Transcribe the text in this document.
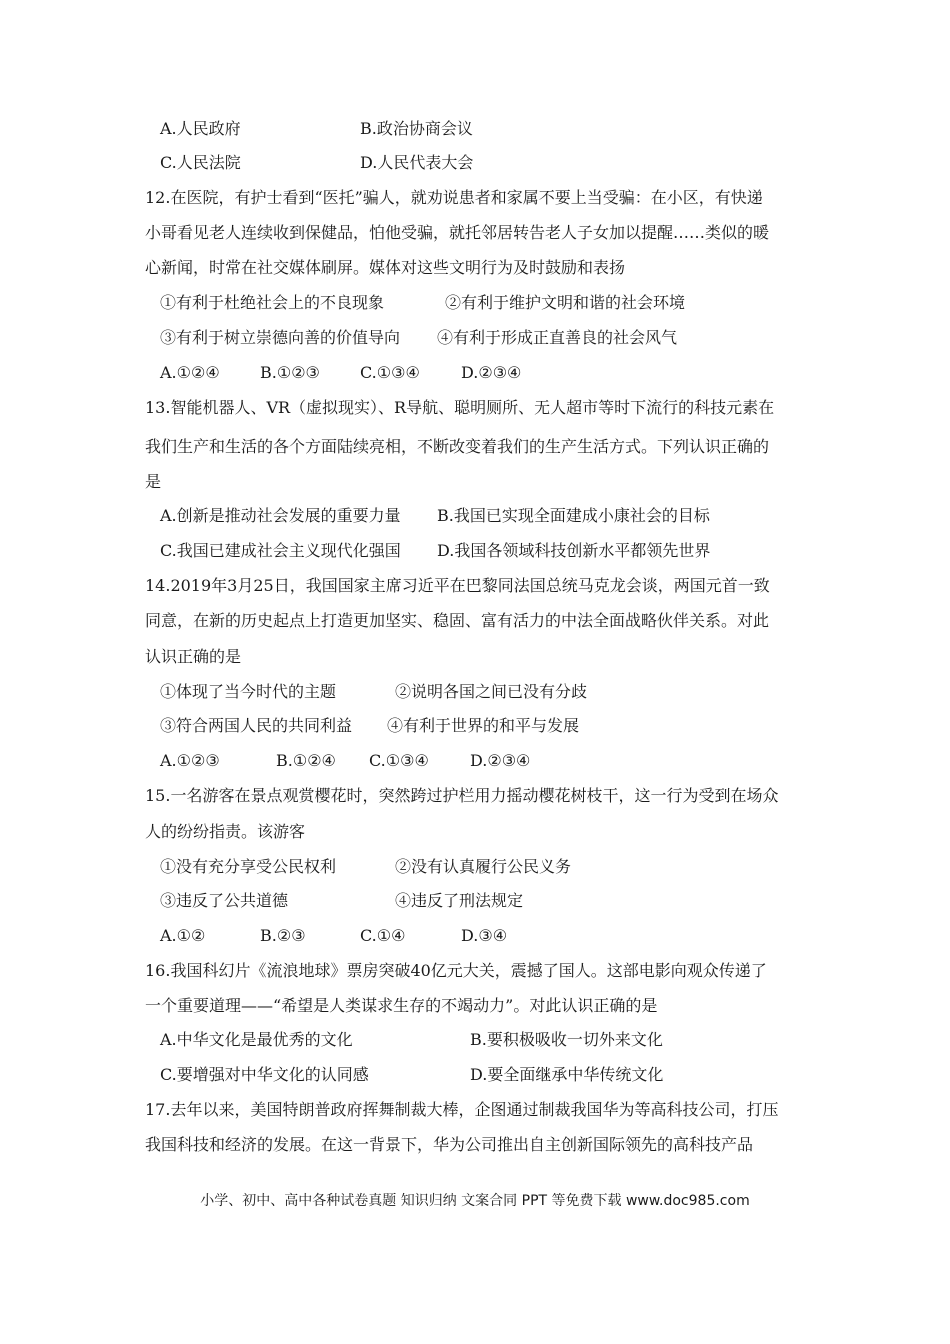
A.人民政府	B.政治协商会议
C.人民法院	D.人民代表大会
12.在医院，有护士看到“医托”骗人，就劝说患者和家属不要上当受骗：在小区，有快递
小哥看见老人连续收到保健品，怕他受骗，就托邻居转告老人子女加以提醒……类似的暖
心新闻，时常在社交媒体刷屏。媒体对这些文明行为及时鼓励和表扬
①有利于杜绝社会上的不良现象	②有利于维护文明和谐的社会环境
③有利于树立崇德向善的价值导向 ④有利于形成正直善良的社会风气
A.①②④	B.①②③	C.①③④	D.②③④
13.智能机器人、VR（虚拟现实）、R导航、聪明厕所、无人超市等时下流行的科技元素在
我们生产和生活的各个方面陆续亮相，不断改变着我们的生产生活方式。下列认识正确的
是
A.创新是推动社会发展的重要力量 B.我国已实现全面建成小康社会的目标
C.我国已建成社会主义现代化强国 D.我国各领域科技创新水平都领先世界
14.2019年3月25日，我国国家主席习近平在巴黎同法国总统马克龙会谈，两国元首一致
同意，在新的历史起点上打造更加坚实、稳固、富有活力的中法全面战略伙伴关系。对此
认识正确的是
①体现了当今时代的主题	②说明各国之间已没有分歧
③符合两国人民的共同利益 ④有利于世界的和平与发展
A.①②③	B.①②④ C.①③④	D.②③④
15.一名游客在景点观赏樱花时，突然跨过护栏用力摇动樱花树枝干，这一行为受到在场众
人的纷纷指责。该游客
①没有充分享受公民权利	②没有认真履行公民义务
③违反了公共道德	④违反了刑法规定
A.①②	B.②③	C.①④	D.③④
16.我国科幻片《流浪地球》票房突破40亿元大关，震撼了国人。这部电影向观众传递了
一个重要道理——“希望是人类谋求生存的不竭动力”。对此认识正确的是
A.中华文化是最优秀的文化	B.要积极吸收一切外来文化
C.要增强对中华文化的认同感	D.要全面继承中华传统文化
17.去年以来，美国特朗普政府挥舞制裁大棒，企图通过制裁我国华为等高科技公司，打压
我国科技和经济的发展。在这一背景下，华为公司推出自主创新国际领先的高科技产品
小学、初中、高中各种试卷真题 知识归纳 文案合同 PPT 等免费下载 www.doc985.com
